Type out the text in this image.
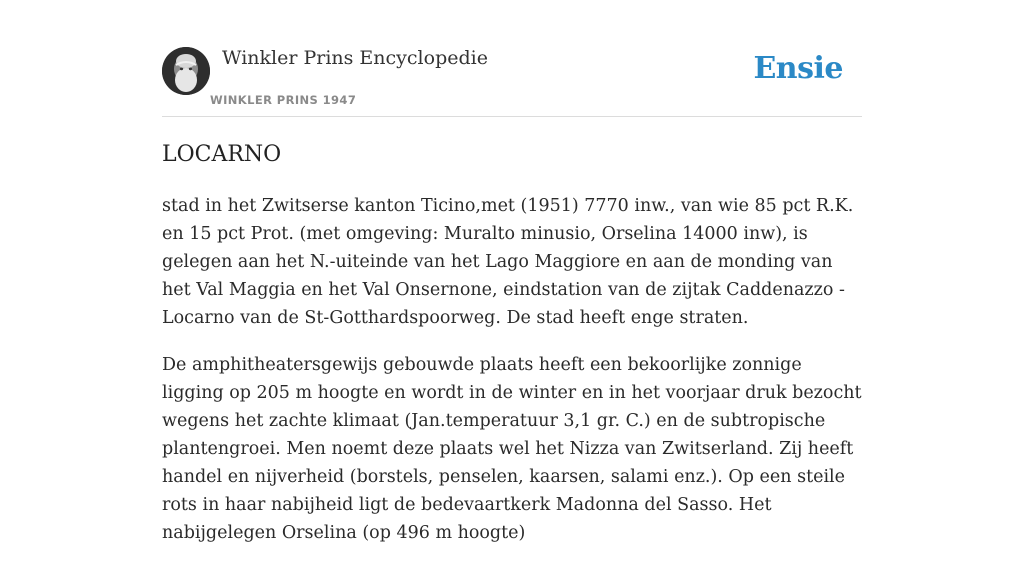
Winkler Prins Encyclopedie
WINKLER PRINS 1947
Ensie
LOCARNO

stad in het Zwitserse kanton Ticino,met (1951) 7770 inw., van wie 85 pct R.K. en 15 pct Prot. (met omgeving: Muralto minusio, Orselina 14000 inw), is gelegen aan het N.-uiteinde van het Lago Maggiore en aan de monding van het Val Maggia en het Val Onsernone, eindstation van de zijtak Caddenazzo - Locarno van de St-Gotthardspoorweg. De stad heeft enge straten.

De amphitheatersgewijs gebouwde plaats heeft een bekoorlijke zonnige ligging op 205 m hoogte en wordt in de winter en in het voorjaar druk bezocht wegens het zachte klimaat (Jan.temperatuur 3,1 gr. C.) en de subtropische plantengroei. Men noemt deze plaats wel het Nizza van Zwitserland. Zij heeft handel en nijverheid (borstels, penselen, kaarsen, salami enz.). Op een steile rots in haar nabijheid ligt de bedevaartkerk Madonna del Sasso. Het nabijgelegen Orselina (op 496 m hoogte)
